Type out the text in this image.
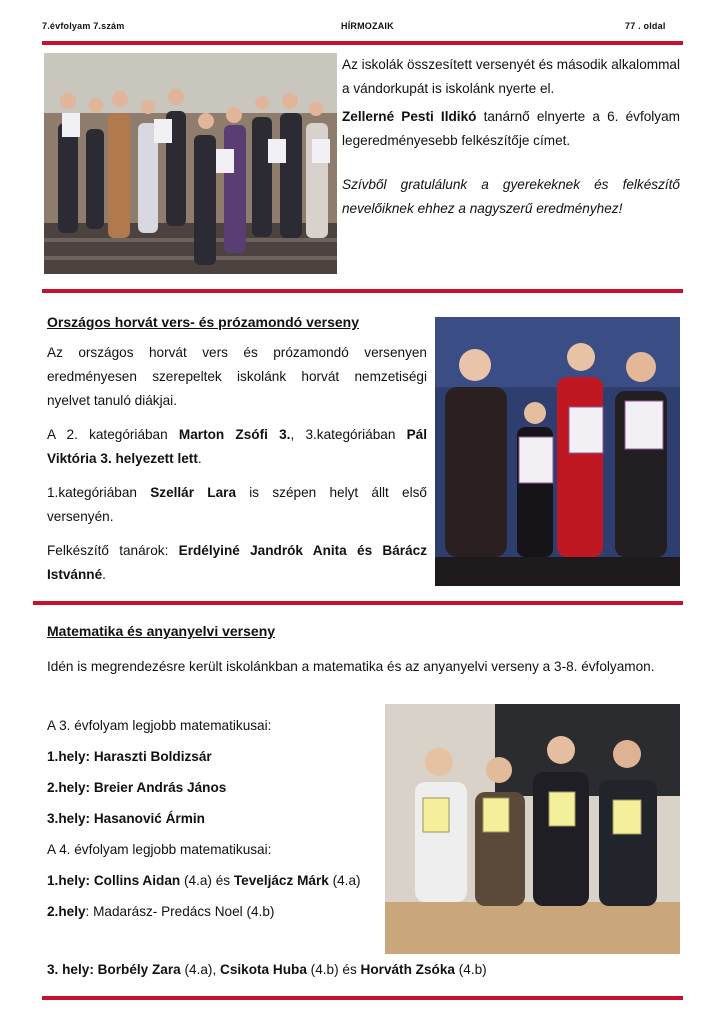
7.évfolyam 7.szám	HÍRMOZAIK	77 . oldal

Az iskolák összesített versenyét és második alkalommal a vándorkupát is iskolánk nyerte el.

Zellerné Pesti Ildikó tanárnő elnyerte a 6. évfolyam legeredményesebb felkészítője címet.

Szívből gratulálunk a gyerekeknek és felkészítő nevelőiknek ehhez a nagyszerű eredményhez!

Országos horvát vers- és prózamondó verseny

Az országos horvát vers és prózamondó versenyen eredményesen szerepeltek iskolánk horvát nemzetiségi nyelvet tanuló diákjai.

A 2. kategóriában Marton Zsófi 3., 3.kategóriában Pál Viktória 3. helyezett lett.

1.kategóriában Szellár Lara is szépen helyt állt első versenyén.

Felkészítő tanárok: Erdélyiné Jandrók Anita és Bárácz Istvánné.

Matematika és anyanyelvi verseny

Idén is megrendezésre került iskolánkban a matematika és az anyanyelvi verseny a 3-8. évfolyamon.

A 3. évfolyam legjobb matematikusai:

1.hely: Haraszti Boldizsár

2.hely: Breier András János

3.hely: Hasanović Ármin

A 4. évfolyam legjobb matematikusai:

1.hely: Collins Aidan (4.a) és Teveljácz Márk (4.a)

2.hely: Madarász- Predács Noel (4.b)

3. hely: Borbély Zara (4.a), Csikota Huba (4.b) és Horváth Zsóka (4.b)
